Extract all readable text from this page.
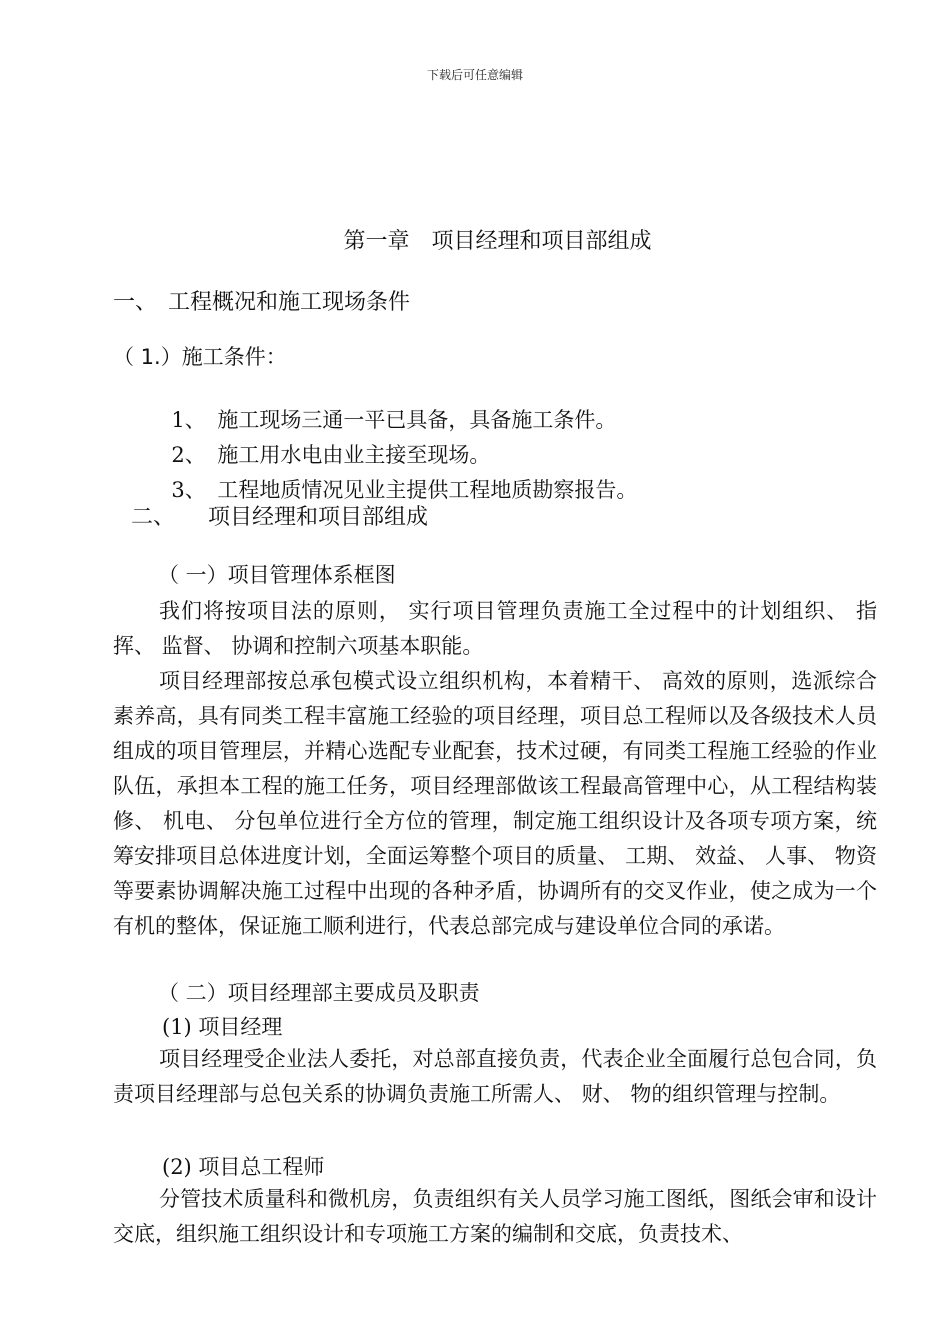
下载后可任意编辑
第一章　项目经理和项目部组成
一、　工程概况和施工现场条件
（ 1.）施工条件：

1、 施工现场三通一平已具备，具备施工条件。

2、 施工用水电由业主接至现场。

3、 工程地质情况见业主提供工程地质勘察报告。

二、　　项目经理和项目部组成
（ 一）项目管理体系框图
我们将按项目法的原则， 实行项目管理负责施工全过程中的计划组织、 指挥、 监督、 协调和控制六项基本职能。
项目经理部按总承包模式设立组织机构，本着精干、 高效的原则，选派综合素养高，具有同类工程丰富施工经验的项目经理，项目总工程师以及各级技术人员组成的项目管理层，并精心选配专业配套，技术过硬，有同类工程施工经验的作业队伍，承担本工程的施工任务，项目经理部做该工程最高管理中心，从工程结构装修、 机电、 分包单位进行全方位的管理，制定施工组织设计及各项专项方案，统筹安排项目总体进度计划，全面运筹整个项目的质量、 工期、 效益、 人事、 物资等要素协调解决施工过程中出现的各种矛盾，协调所有的交叉作业，使之成为一个有机的整体，保证施工顺利进行，代表总部完成与建设单位合同的承诺。
（ 二）项目经理部主要成员及职责
(1) 项目经理
项目经理受企业法人委托，对总部直接负责，代表企业全面履行总包合同，负责项目经理部与总包关系的协调负责施工所需人、 财、 物的组织管理与控制。
(2) 项目总工程师
分管技术质量科和微机房，负责组织有关人员学习施工图纸，图纸会审和设计交底，组织施工组织设计和专项施工方案的编制和交底，负责技术、
